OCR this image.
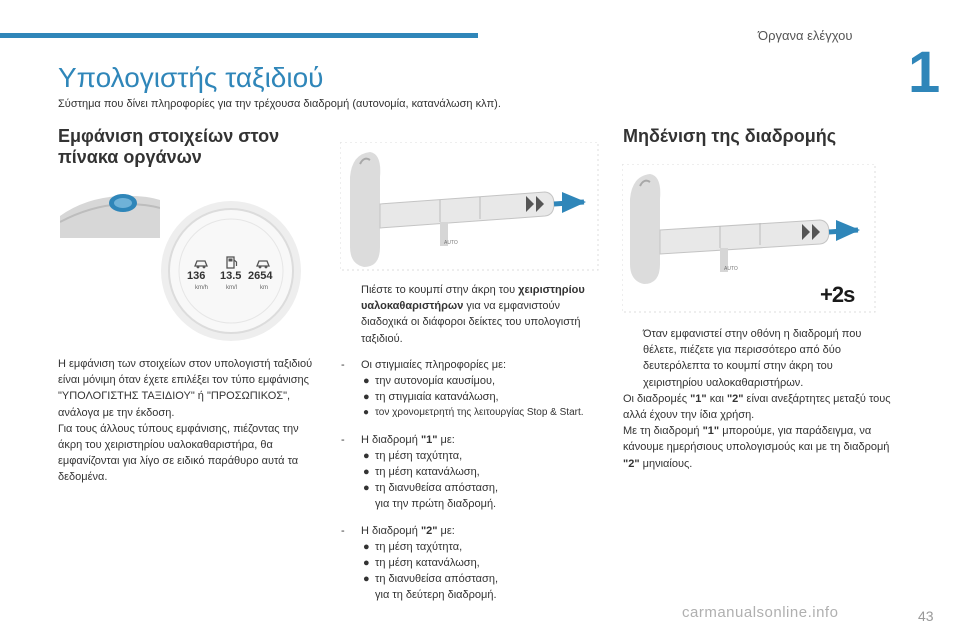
Όργανα ελέγχου
1
Υπολογιστής ταξιδιού
Σύστημα που δίνει πληροφορίες για την τρέχουσα διαδρομή (αυτονομία, κατανάλωση κλπ).
Εμφάνιση στοιχείων στον πίνακα οργάνων
136 13.5 2654
km/h	km/l	km
AUTO
AUTO
+2s
Μηδένιση της διαδρομής

Η εμφάνιση των στοιχείων στον υπολογιστή ταξιδιού είναι μόνιμη όταν έχετε επιλέξει τον τύπο εμφάνισης "ΥΠΟΛΟΓΙΣΤΗΣ ΤΑΞΙΔΙΟΥ" ή "ΠΡΟΣΩΠΙΚΟΣ", ανάλογα με την έκδοση.

Για τους άλλους τύπους εμφάνισης, πιέζοντας την άκρη του χειριστηρίου υαλοκαθαριστήρα, θα εμφανίζονται για λίγο σε ειδικό παράθυρο αυτά τα δεδομένα.

Πιέστε το κουμπί στην άκρη του χειριστηρίου υαλοκαθαριστήρων για να εμφανιστούν διαδοχικά οι διάφοροι δείκτες του υπολογιστή ταξιδιού.
-	Οι στιγμιαίες πληροφορίες με:
● την αυτονομία καυσίμου,
● τη στιγμιαία κατανάλωση,
● τον χρονομετρητή της λειτουργίας Stop & Start.
-	Η διαδρομή "1" με:
● τη μέση ταχύτητα,
● τη μέση κατανάλωση,
● τη διανυθείσα απόσταση,
για την πρώτη διαδρομή.
-	Η διαδρομή "2" με:
● τη μέση ταχύτητα,
● τη μέση κατανάλωση,
● τη διανυθείσα απόσταση,
για τη δεύτερη διαδρομή.
Όταν εμφανιστεί στην οθόνη η διαδρομή που θέλετε, πιέζετε για περισσότερο από δύο δευτερόλεπτα το κουμπί στην άκρη του χειριστηρίου υαλοκαθαριστήρων.
Οι διαδρομές "1" και "2" είναι ανεξάρτητες μεταξύ τους αλλά έχουν την ίδια χρήση.
Με τη διαδρομή "1" μπορούμε, για παράδειγμα, να κάνουμε ημερήσιους υπολογισμούς και με τη διαδρομή "2" μηνιαίους.
carmanualsonline.info	43
